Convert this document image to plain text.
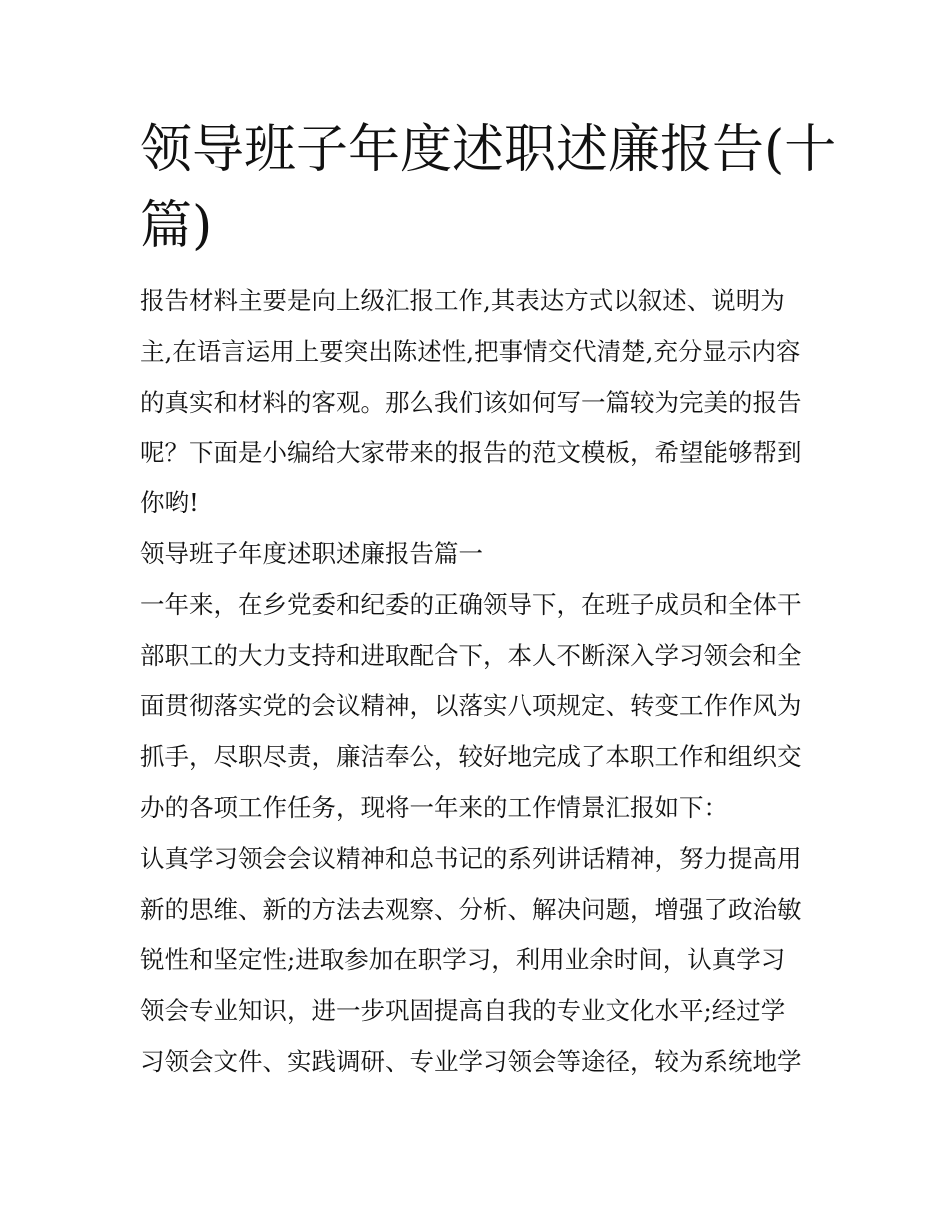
领导班子年度述职述廉报告(十篇)
报告材料主要是向上级汇报工作,其表达方式以叙述、说明为
主,在语言运用上要突出陈述性,把事情交代清楚,充分显示内容
的真实和材料的客观。那么我们该如何写一篇较为完美的报告
呢？下面是小编给大家带来的报告的范文模板，希望能够帮到
你哟!
领导班子年度述职述廉报告篇一
一年来，在乡党委和纪委的正确领导下，在班子成员和全体干
部职工的大力支持和进取配合下，本人不断深入学习领会和全
面贯彻落实党的会议精神，以落实八项规定、转变工作作风为
抓手，尽职尽责，廉洁奉公，较好地完成了本职工作和组织交
办的各项工作任务，现将一年来的工作情景汇报如下：
认真学习领会会议精神和总书记的系列讲话精神，努力提高用
新的思维、新的方法去观察、分析、解决问题，增强了政治敏
锐性和坚定性;进取参加在职学习，利用业余时间，认真学习
领会专业知识，进一步巩固提高自我的专业文化水平;经过学
习领会文件、实践调研、专业学习领会等途径，较为系统地学
